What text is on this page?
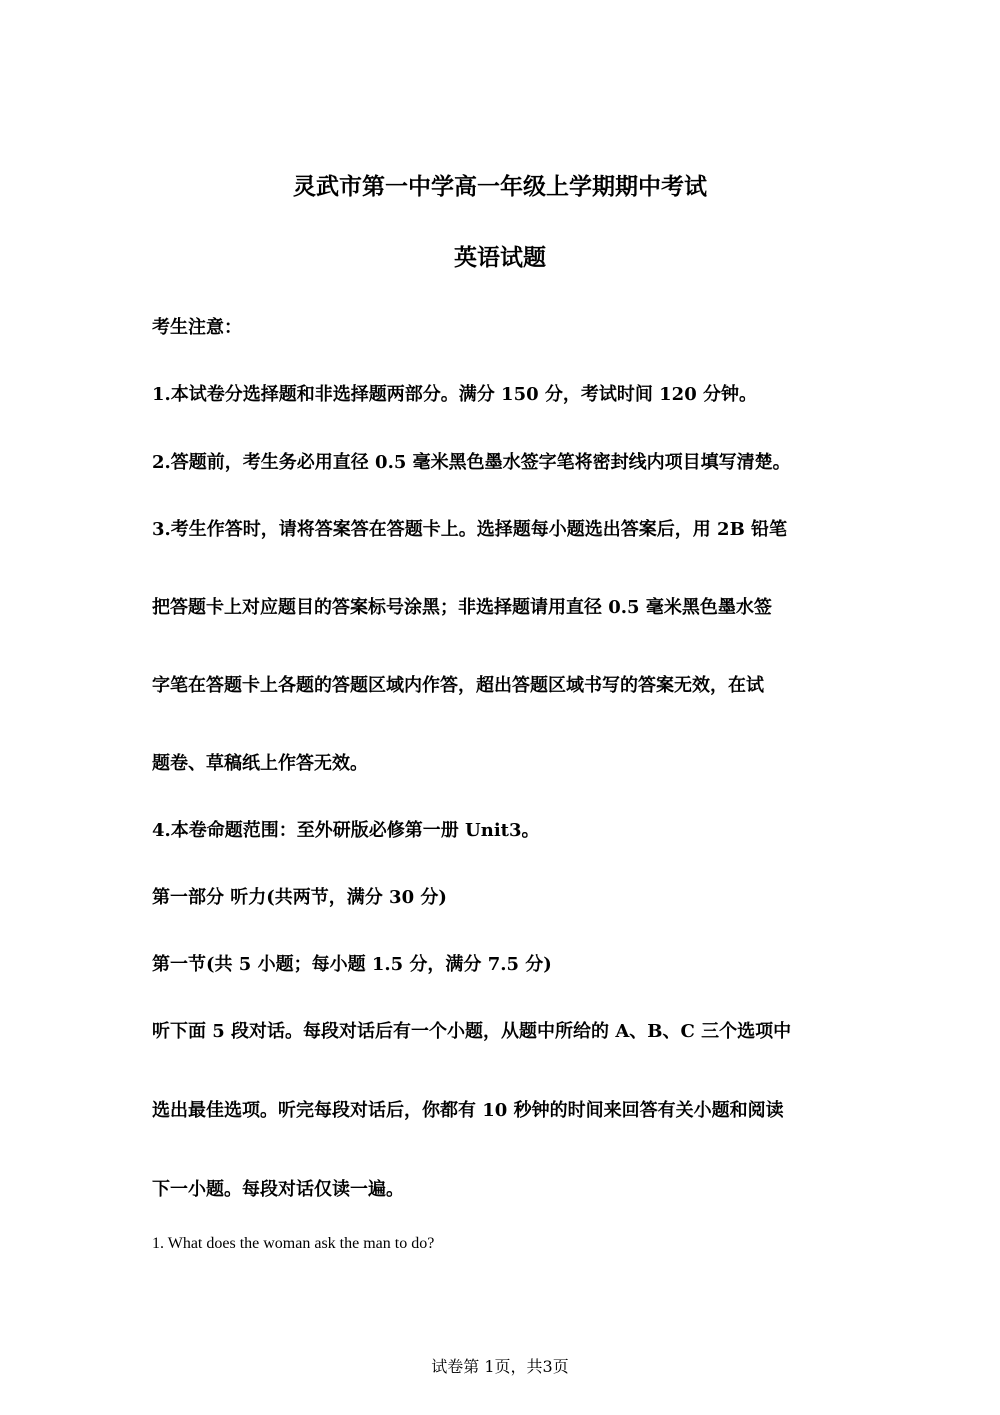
灵武市第一中学高一年级上学期期中考试
英语试题
考生注意：
1.本试卷分选择题和非选择题两部分。满分 150 分，考试时间 120 分钟。
2.答题前，考生务必用直径 0.5 毫米黑色墨水签字笔将密封线内项目填写清楚。
3.考生作答时，请将答案答在答题卡上。选择题每小题选出答案后，用 2B 铅笔
把答题卡上对应题目的答案标号涂黑；非选择题请用直径 0.5 毫米黑色墨水签
字笔在答题卡上各题的答题区域内作答，超出答题区域书写的答案无效，在试
题卷、草稿纸上作答无效。
4.本卷命题范围：至外研版必修第一册 Unit3。
第一部分 听力(共两节，满分 30 分)
第一节(共 5 小题；每小题 1.5 分，满分 7.5 分)
听下面 5 段对话。每段对话后有一个小题，从题中所给的 A、B、C 三个选项中
选出最佳选项。听完每段对话后，你都有 10 秒钟的时间来回答有关小题和阅读
下一小题。每段对话仅读一遍。
1. What does the woman ask the man to do?
试卷第 1页，共3页
